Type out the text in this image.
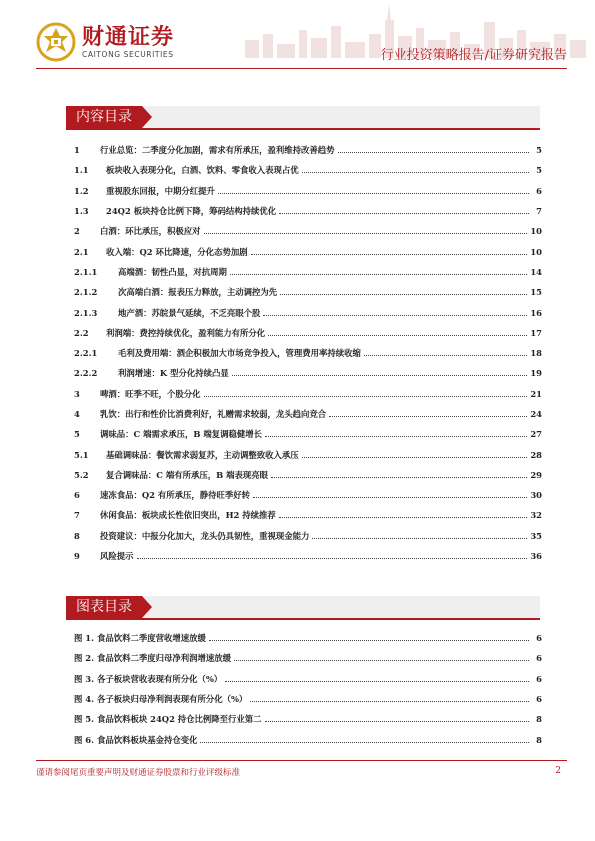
财通证券
CAITONG SECURITIES	行业投资策略报告/证券研究报告
内容目录
1	行业总览：二季度分化加剧，需求有所承压，盈利维持改善趋势	5
1.1	板块收入表现分化，白酒、饮料、零食收入表现占优	5
1.2	重视股东回报，中期分红提升	6
1.3	24Q2 板块持仓比例下降，筹码结构持续优化	7
2	白酒：环比承压，积极应对	10
2.1	收入端：Q2 环比降速，分化态势加剧	10
2.1.1	高端酒：韧性凸显，对抗周期	14
2.1.2	次高端白酒：报表压力释放，主动调控为先	15
2.1.3	地产酒：苏皖景气延续，不乏亮眼个股	16
2.2	利润端：费控持续优化，盈利能力有所分化	17
2.2.1	毛利及费用端：酒企积极加大市场竞争投入，管理费用率持续收缩	18
2.2.2	利润增速：K 型分化持续凸显	19
3	啤酒：旺季不旺，个股分化	21
4	乳饮：出行和性价比消费利好，礼赠需求较弱，龙头趋向竞合	24
5	调味品：C 端需求承压，B 端复调稳健增长	27
5.1	基础调味品：餐饮需求弱复苏，主动调整致收入承压	28
5.2	复合调味品：C 端有所承压，B 端表现亮眼	29
6	速冻食品：Q2 有所承压，静待旺季好转	30
7	休闲食品：板块成长性依旧突出，H2 持续推荐	32
8	投资建议：中报分化加大，龙头仍具韧性，重视现金能力	35
9	风险提示	36
图表目录
图 1. 食品饮料二季度营收增速放缓	6
图 2. 食品饮料二季度归母净利润增速放缓	6
图 3. 各子板块营收表现有所分化（%）	6
图 4. 各子板块归母净利润表现有所分化（%）	6
图 5. 食品饮料板块 24Q2 持仓比例降至行业第二	8
图 6. 食品饮料板块基金持仓变化	8
谨请参阅尾页重要声明及财通证券股票和行业评级标准	2
